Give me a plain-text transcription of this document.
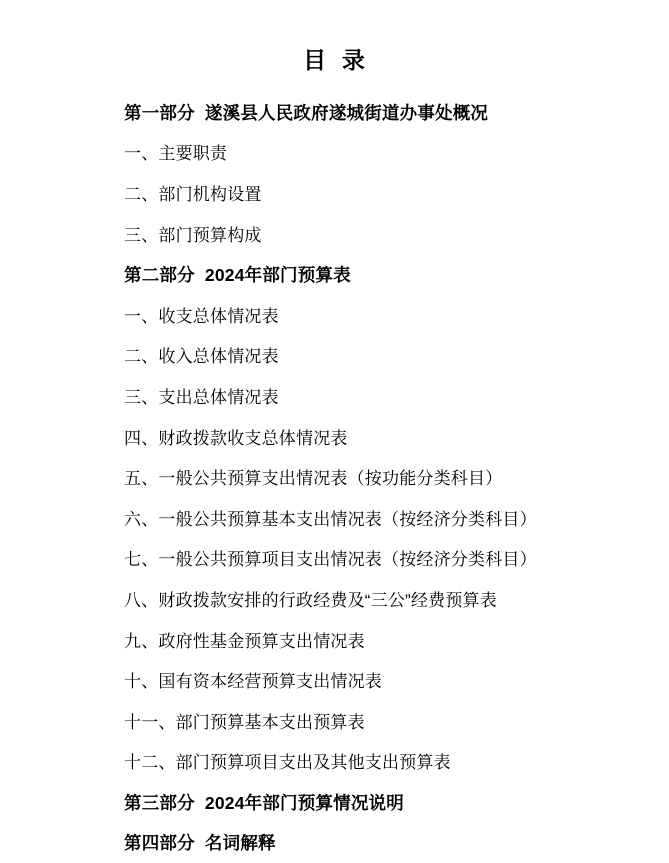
目  录
第一部分  遂溪县人民政府遂城街道办事处概况
一、主要职责
二、部门机构设置
三、部门预算构成
第二部分  2024年部门预算表
一、收支总体情况表
二、收入总体情况表
三、支出总体情况表
四、财政拨款收支总体情况表
五、一般公共预算支出情况表（按功能分类科目）
六、一般公共预算基本支出情况表（按经济分类科目）
七、一般公共预算项目支出情况表（按经济分类科目）
八、财政拨款安排的行政经费及“三公”经费预算表
九、政府性基金预算支出情况表
十、国有资本经营预算支出情况表
十一、部门预算基本支出预算表
十二、部门预算项目支出及其他支出预算表
第三部分  2024年部门预算情况说明
第四部分  名词解释
